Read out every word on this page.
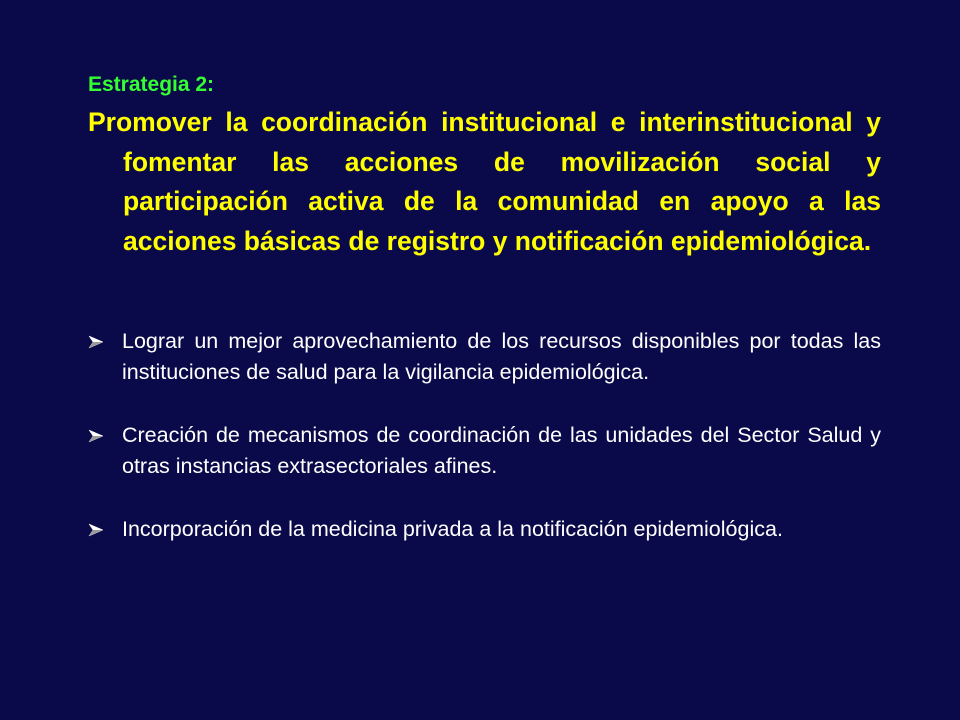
Estrategia 2:

Promover la coordinación institucional e interinstitucional y fomentar las acciones de movilización social y participación activa de la comunidad en apoyo a las acciones básicas de registro y notificación epidemiológica.

Lograr un mejor aprovechamiento de los recursos disponibles por todas las instituciones de salud para la vigilancia epidemiológica.
Creación de mecanismos de coordinación de las unidades del Sector Salud y otras instancias extrasectoriales afines.
Incorporación de la medicina privada a la notificación epidemiológica.
